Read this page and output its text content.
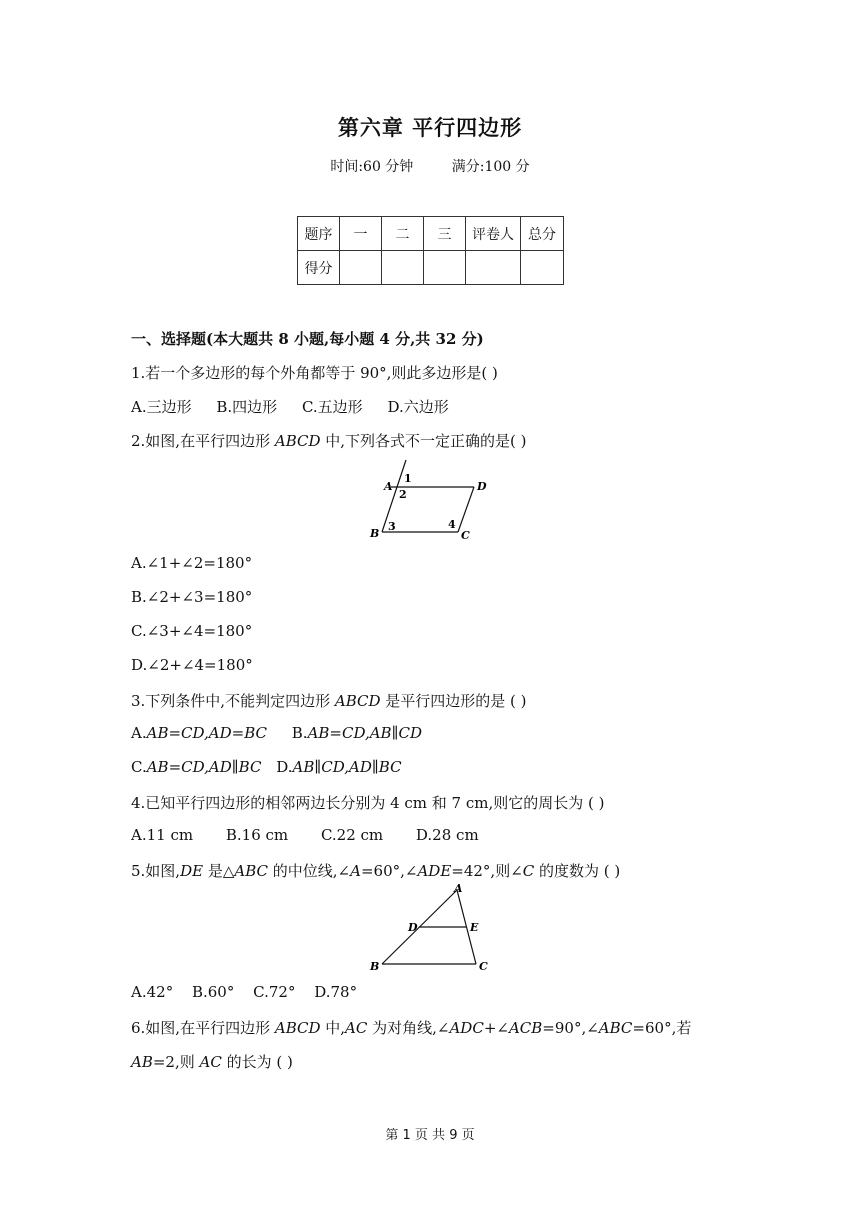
第六章 平行四边形
时间:60 分钟	满分:100 分
题序	一	二	三	评卷人	总分
得分					
一、选择题(本大题共 8 小题,每小题 4 分,共 32 分)
1.若一个多边形的每个外角都等于 90°,则此多边形是( )
A.三边形 B.四边形 C.五边形 D.六边形
2.如图,在平行四边形 ABCD 中,下列各式不一定正确的是( )
A	D
B	C
1
2
3	4
A.∠1+∠2=180°
B.∠2+∠3=180°
C.∠3+∠4=180°
D.∠2+∠4=180°
3.下列条件中,不能判定四边形 ABCD 是平行四边形的是 ( )
A.AB=CD,AD=BC B.AB=CD,AB∥CD
C.AB=CD,AD∥BC D.AB∥CD,AD∥BC
4.已知平行四边形的相邻两边长分别为 4 cm 和 7 cm,则它的周长为 ( )
A.11 cm B.16 cm C.22 cm D.28 cm
5.如图,DE 是△ABC 的中位线,∠A=60°,∠ADE=42°,则∠C 的度数为 ( )
A
B	C
D	E
A.42° B.60° C.72° D.78°
6.如图,在平行四边形 ABCD 中,AC 为对角线,∠ADC+∠ACB=90°,∠ABC=60°,若
AB=2,则 AC 的长为 ( )
第 1 页 共 9 页
